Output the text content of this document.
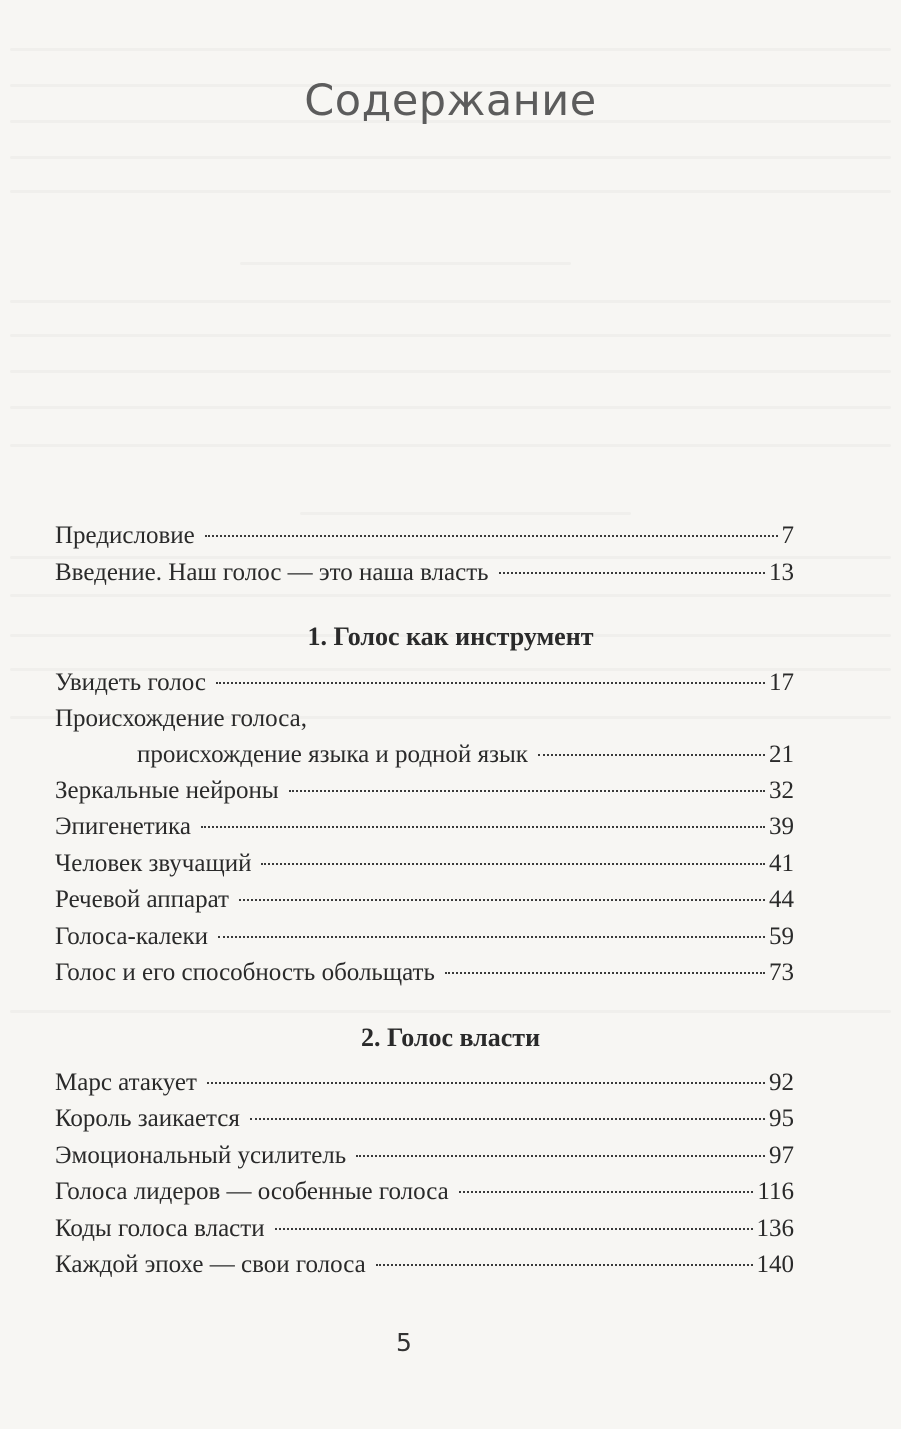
Содержание
Предисловие	7
Введение. Наш голос — это наша власть	13
1. Голос как инструмент
Увидеть голос	17
Происхождение голоса,
происхождение языка и родной язык	21
Зеркальные нейроны	32
Эпигенетика	39
Человек звучащий	41
Речевой аппарат	44
Голоса-калеки	59
Голос и его способность обольщать	73
2. Голос власти
Марс атакует	92
Король заикается	95
Эмоциональный усилитель	97
Голоса лидеров — особенные голоса	116
Коды голоса власти	136
Каждой эпохе — свои голоса	140
5
